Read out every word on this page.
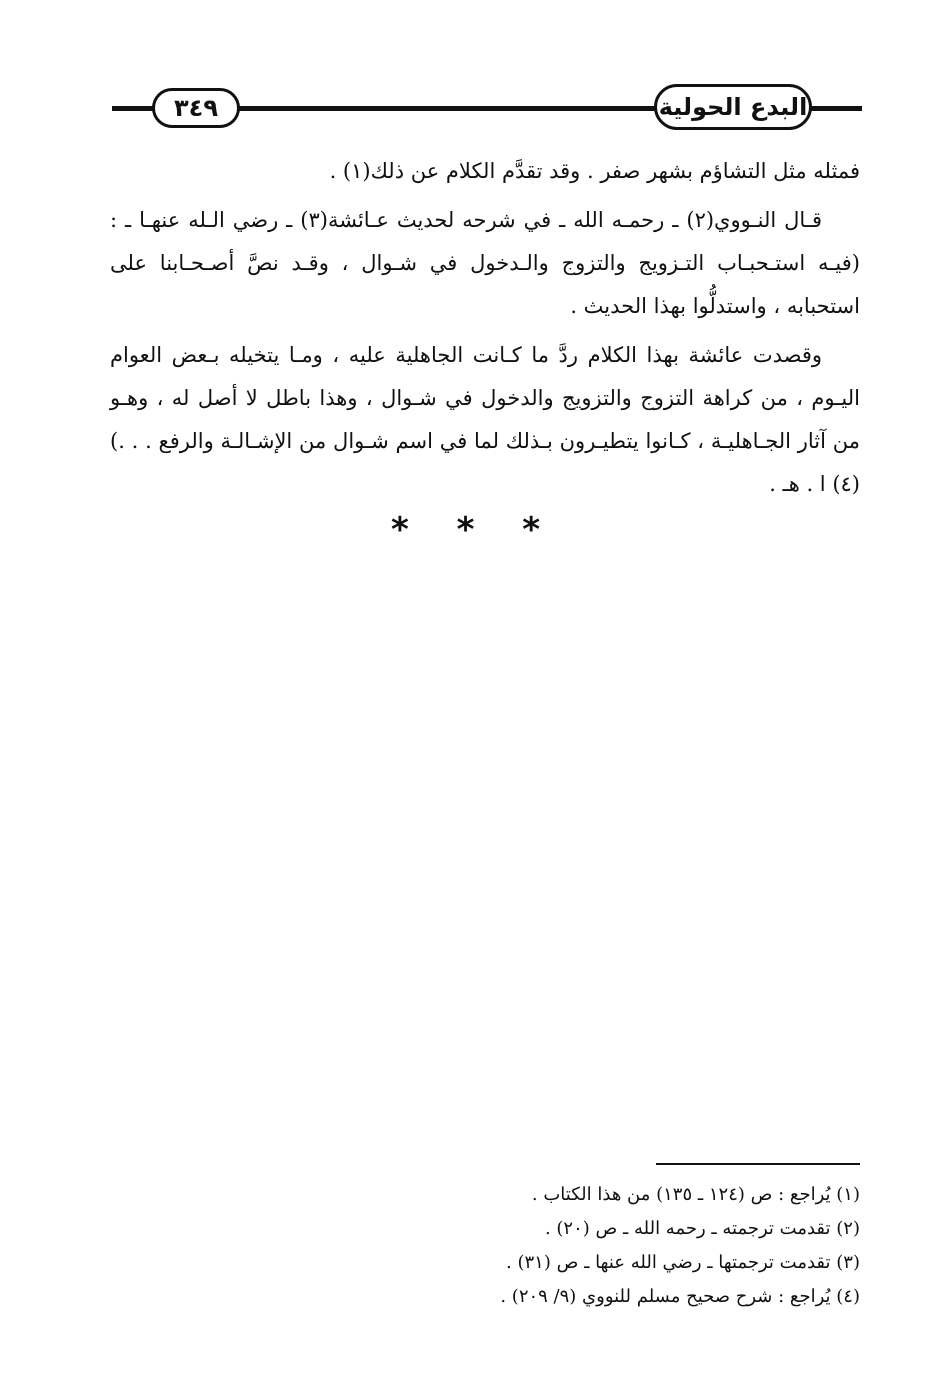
٣٤٩	البدع الحولية

فمثله مثل التشاؤم بشهر صفر . وقد تقدَّم الكلام عن ذلك(١) .

قـال النـووي(٢) ـ رحمـه الله ـ في شرحه لحديث عـائشة(٣) ـ رضي الـله عنهـا ـ : (فيـه استـحبـاب التـزويج والتزوج والـدخول في شـوال ، وقـد نصَّ أصـحـابنا على استحبابه ، واستدلُّوا بهذا الحديث .

وقصدت عائشة بهذا الكلام ردَّ ما كـانت الجاهلية عليه ، ومـا يتخيله بـعض العوام اليـوم ، من كراهة التزوج والتزويج والدخول في شـوال ، وهذا باطل لا أصل له ، وهـو من آثار الجـاهليـة ، كـانوا يتطيـرون بـذلك لما في اسم شـوال من الإشـالـة والرفع . . .)(٤) ا . هـ .

* * *
(١) يُراجع : ص (١٢٤ ـ ١٣٥) من هذا الكتاب .
(٢) تقدمت ترجمته ـ رحمه الله ـ ص (٢٠) .
(٣) تقدمت ترجمتها ـ رضي الله عنها ـ ص (٣١) .
(٤) يُراجع : شرح صحيح مسلم للنووي (٩/ ٢٠٩) .
